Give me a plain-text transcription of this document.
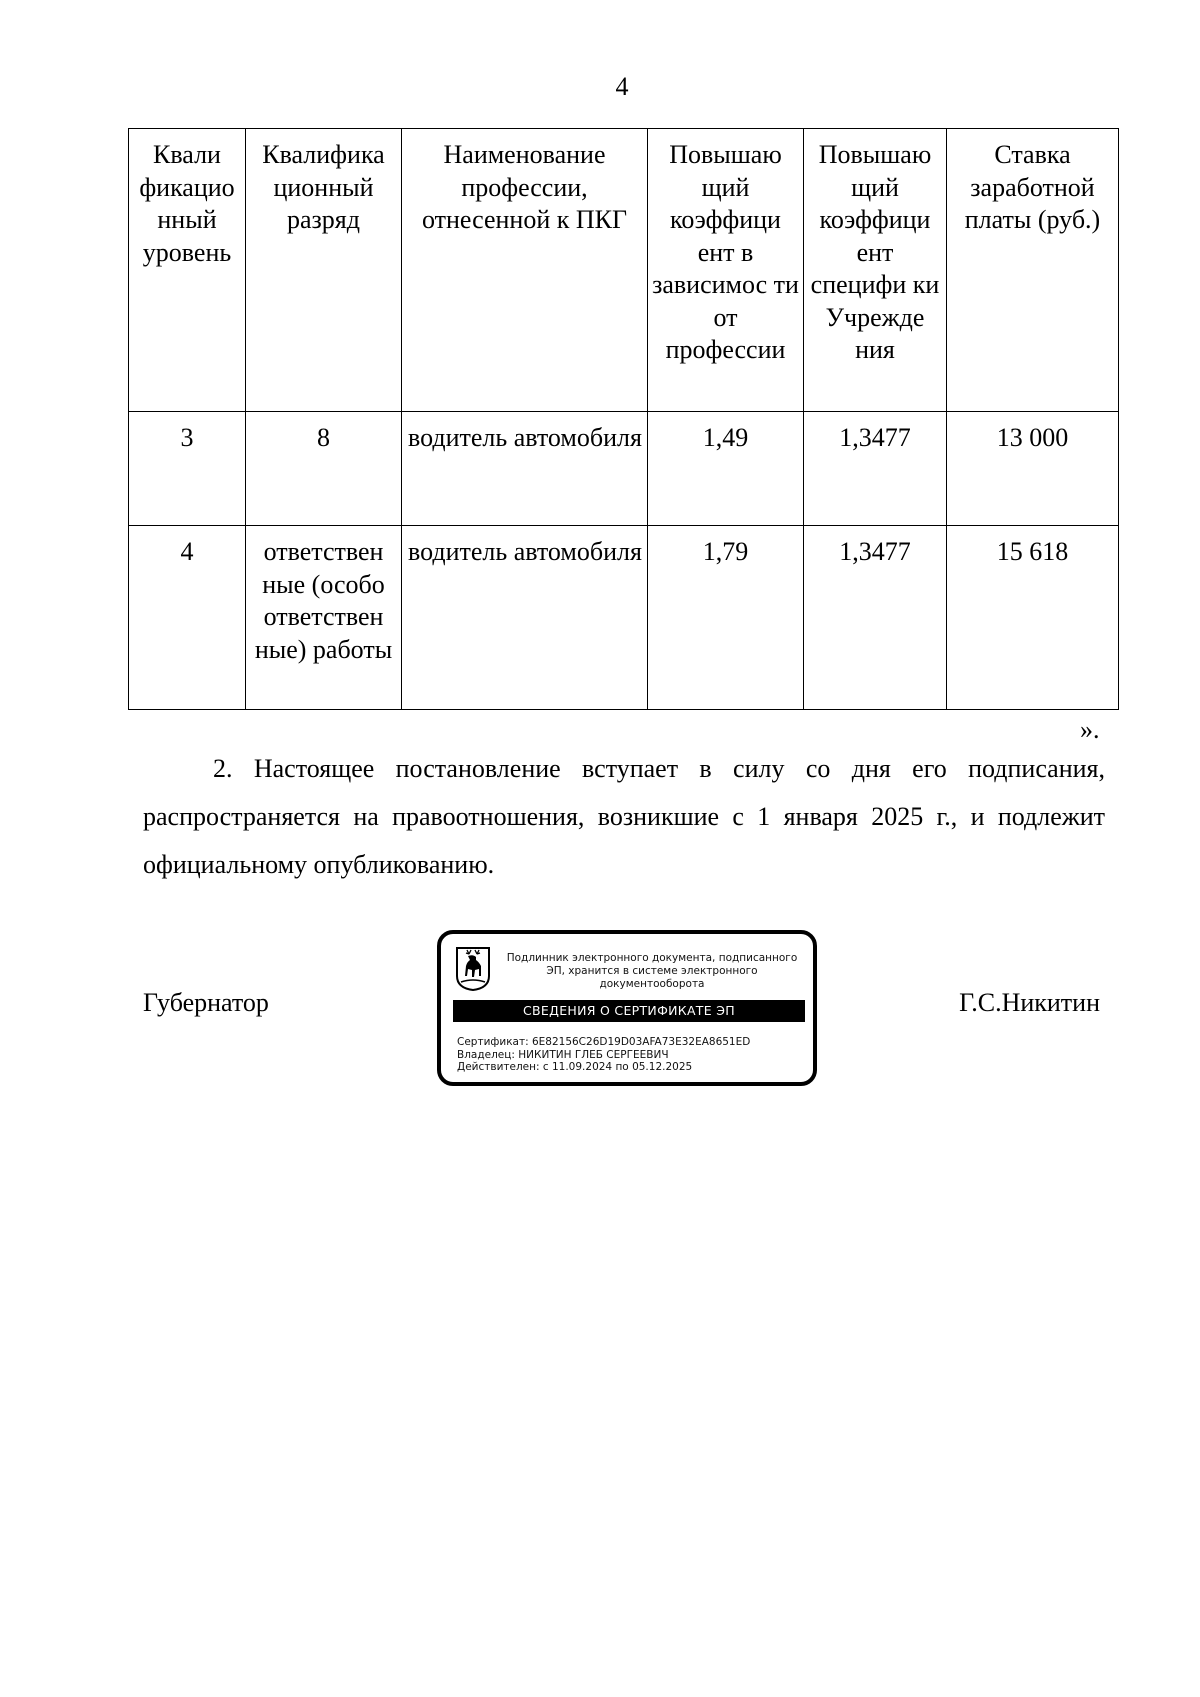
4
Квали фикацио нный уровень	Квалифика ционный разряд	Наименование профессии, отнесенной к ПКГ	Повышаю щий коэффици ент в зависимос ти от профессии	Повышаю щий коэффици ент специфи ки Учрежде ния	Ставка заработной платы (руб.)
3	8	водитель автомобиля	1,49	1,3477	13 000
4	ответствен ные (особо ответствен ные) работы	водитель автомобиля	1,79	1,3477	15 618
».
2. Настоящее постановление вступает в силу со дня его подписания, распространяется на правоотношения, возникшие с 1 января 2025 г., и подлежит официальному опубликованию.
Губернатор	Г.С.Никитин
Подлинник электронного документа, подписанного ЭП, хранится в системе электронного документооборота
СВЕДЕНИЯ О СЕРТИФИКАТЕ ЭП
Сертификат: 6E82156C26D19D03AFA73E32EA8651ED
Владелец: НИКИТИН ГЛЕБ СЕРГЕЕВИЧ
Действителен: с 11.09.2024 по 05.12.2025
